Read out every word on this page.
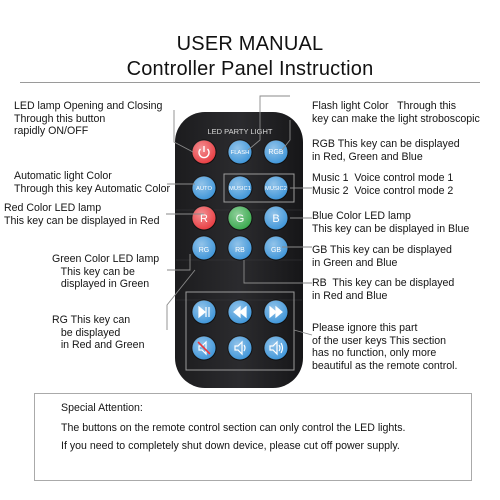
USER MANUAL
Controller Panel Instruction
LED PARTY LIGHT
FLASH	RGB
AUTO	MUSIC1 MUSIC2
R	G	B
RG	RB	GB
LED lamp Opening and Closing
Through this button
rapidly ON/OFF
Automatic light Color
Through this key Automatic Color
Red Color LED lamp
This key can be displayed in Red
Green Color LED lamp
This key can be
displayed in Green
RG This key can
be displayed
in Red and Green
Flash light Color   Through this
key can make the light stroboscopic
RGB This key can be displayed
in Red, Green and Blue
Music 1  Voice control mode 1
Music 2  Voice control mode 2
Blue Color LED lamp
This key can be displayed in Blue
GB This key can be displayed
in Green and Blue
RB  This key can be displayed
in Red and Blue
Please ignore this part
of the user keys This section
has no function, only more
beautiful as the remote control.
Special Attention:
The buttons on the remote control section can only control the LED lights.
If you need to completely shut down device, please cut off power supply.
